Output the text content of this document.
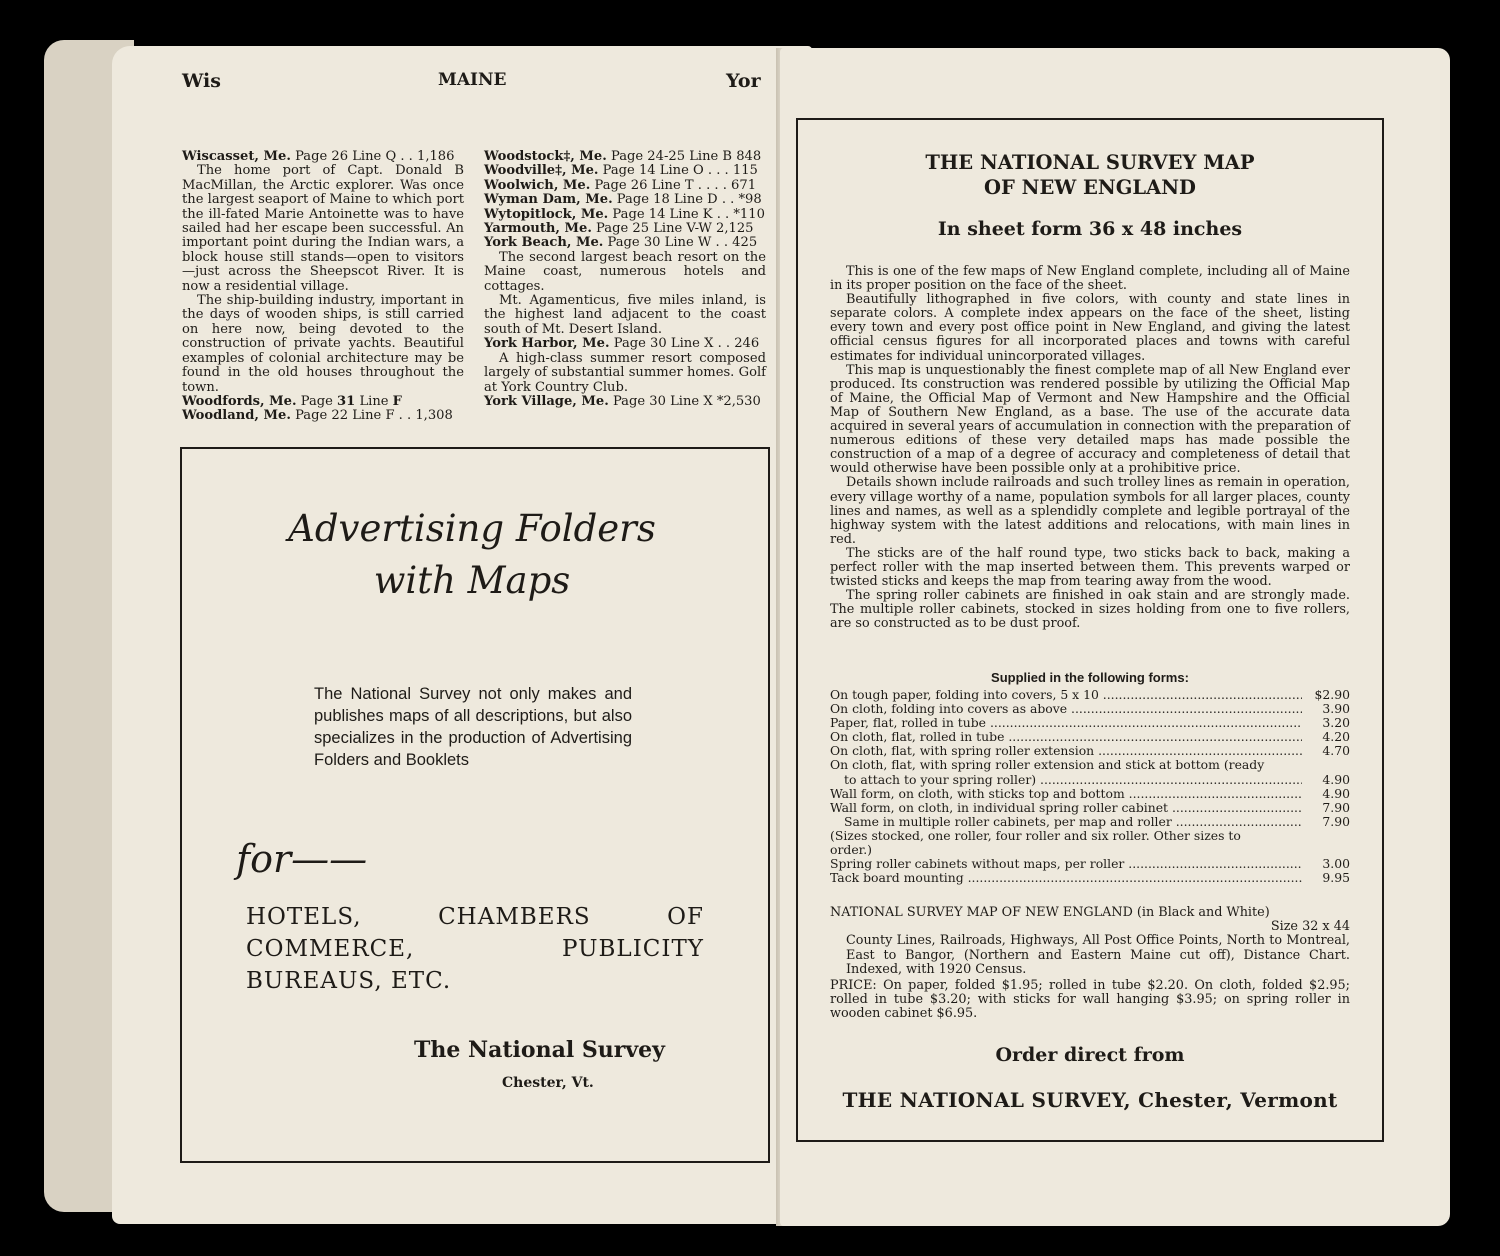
Wis	MAINE	Yor

Wiscasset, Me. Page 26 Line Q . . 1,186

The home port of Capt. Donald B MacMillan, the Arctic explorer. Was once the largest seaport of Maine to which port the ill-fated Marie Antoinette was to have sailed had her escape been successful. An important point during the Indian wars, a block house still stands—open to visitors—just across the Sheepscot River. It is now a residential village.

The ship-building industry, important in the days of wooden ships, is still carried on here now, being devoted to the construction of private yachts. Beautiful examples of colonial architecture may be found in the old houses throughout the town.

Woodfords, Me. Page 31 Line F

Woodland, Me. Page 22 Line F . . 1,308

Woodstock‡, Me. Page 24-25 Line B 848

Woodville‡, Me. Page 14 Line O . . . 115

Woolwich, Me. Page 26 Line T . . . . 671

Wyman Dam, Me. Page 18 Line D . . *98

Wytopitlock, Me. Page 14 Line K . . *110

Yarmouth, Me. Page 25 Line V-W 2,125

York Beach, Me. Page 30 Line W . . 425

The second largest beach resort on the Maine coast, numerous hotels and cottages.

Mt. Agamenticus, five miles inland, is the highest land adjacent to the coast south of Mt. Desert Island.

York Harbor, Me. Page 30 Line X . . 246

A high-class summer resort composed largely of substantial summer homes. Golf at York Country Club.

York Village, Me. Page 30 Line X *2,530

Advertising Folders
with Maps
The National Survey not only makes and publishes maps of all descriptions, but also specializes in the production of Advertising Folders and Booklets
for——
HOTELS, CHAMBERS OF COMMERCE, PUBLICITY BUREAUS, ETC.
The National Survey
Chester, Vt.
THE NATIONAL SURVEY MAP
OF NEW ENGLAND
In sheet form 36 x 48 inches

This is one of the few maps of New England complete, including all of Maine in its proper position on the face of the sheet.

Beautifully lithographed in five colors, with county and state lines in separate colors. A complete index appears on the face of the sheet, listing every town and every post office point in New England, and giving the latest official census figures for all incorporated places and towns with careful estimates for individual unincorporated villages.

This map is unquestionably the finest complete map of all New England ever produced. Its construction was rendered possible by utilizing the Official Map of Maine, the Official Map of Vermont and New Hampshire and the Official Map of Southern New England, as a base. The use of the accurate data acquired in several years of accumulation in connection with the preparation of numerous editions of these very detailed maps has made possible the construction of a map of a degree of accuracy and completeness of detail that would otherwise have been possible only at a prohibitive price.

Details shown include railroads and such trolley lines as remain in operation, every village worthy of a name, population symbols for all larger places, county lines and names, as well as a splendidly complete and legible portrayal of the highway system with the latest additions and relocations, with main lines in red.

The sticks are of the half round type, two sticks back to back, making a perfect roller with the map inserted between them. This prevents warped or twisted sticks and keeps the map from tearing away from the wood.

The spring roller cabinets are finished in oak stain and are strongly made. The multiple roller cabinets, stocked in sizes holding from one to five rollers, are so constructed as to be dust proof.

Supplied in the following forms:
On tough paper, folding into covers, 5 x 10 .....	$2.90
On cloth, folding into covers as above .....	3.90
Paper, flat, rolled in tube .....	3.20
On cloth, flat, rolled in tube .....	4.20
On cloth, flat, with spring roller extension .....	4.70
On cloth, flat, with spring roller extension and stick at bottom (ready
to attach to your spring roller) .....	4.90
Wall form, on cloth, with sticks top and bottom .....	4.90
Wall form, on cloth, in individual spring roller cabinet .....	7.90
Same in multiple roller cabinets, per map and roller .....	7.90
(Sizes stocked, one roller, four roller and six roller. Other sizes to
order.)
Spring roller cabinets without maps, per roller .....	3.00
Tack board mounting .....	9.95
NATIONAL SURVEY MAP OF NEW ENGLAND (in Black and White)
Size 32 x 44
County Lines, Railroads, Highways, All Post Office Points, North to Montreal, East to Bangor, (Northern and Eastern Maine cut off), Distance Chart. Indexed, with 1920 Census.
PRICE: On paper, folded $1.95; rolled in tube $2.20. On cloth, folded $2.95; rolled in tube $3.20; with sticks for wall hanging $3.95; on spring roller in wooden cabinet $6.95.
Order direct from
THE NATIONAL SURVEY, Chester, Vermont
